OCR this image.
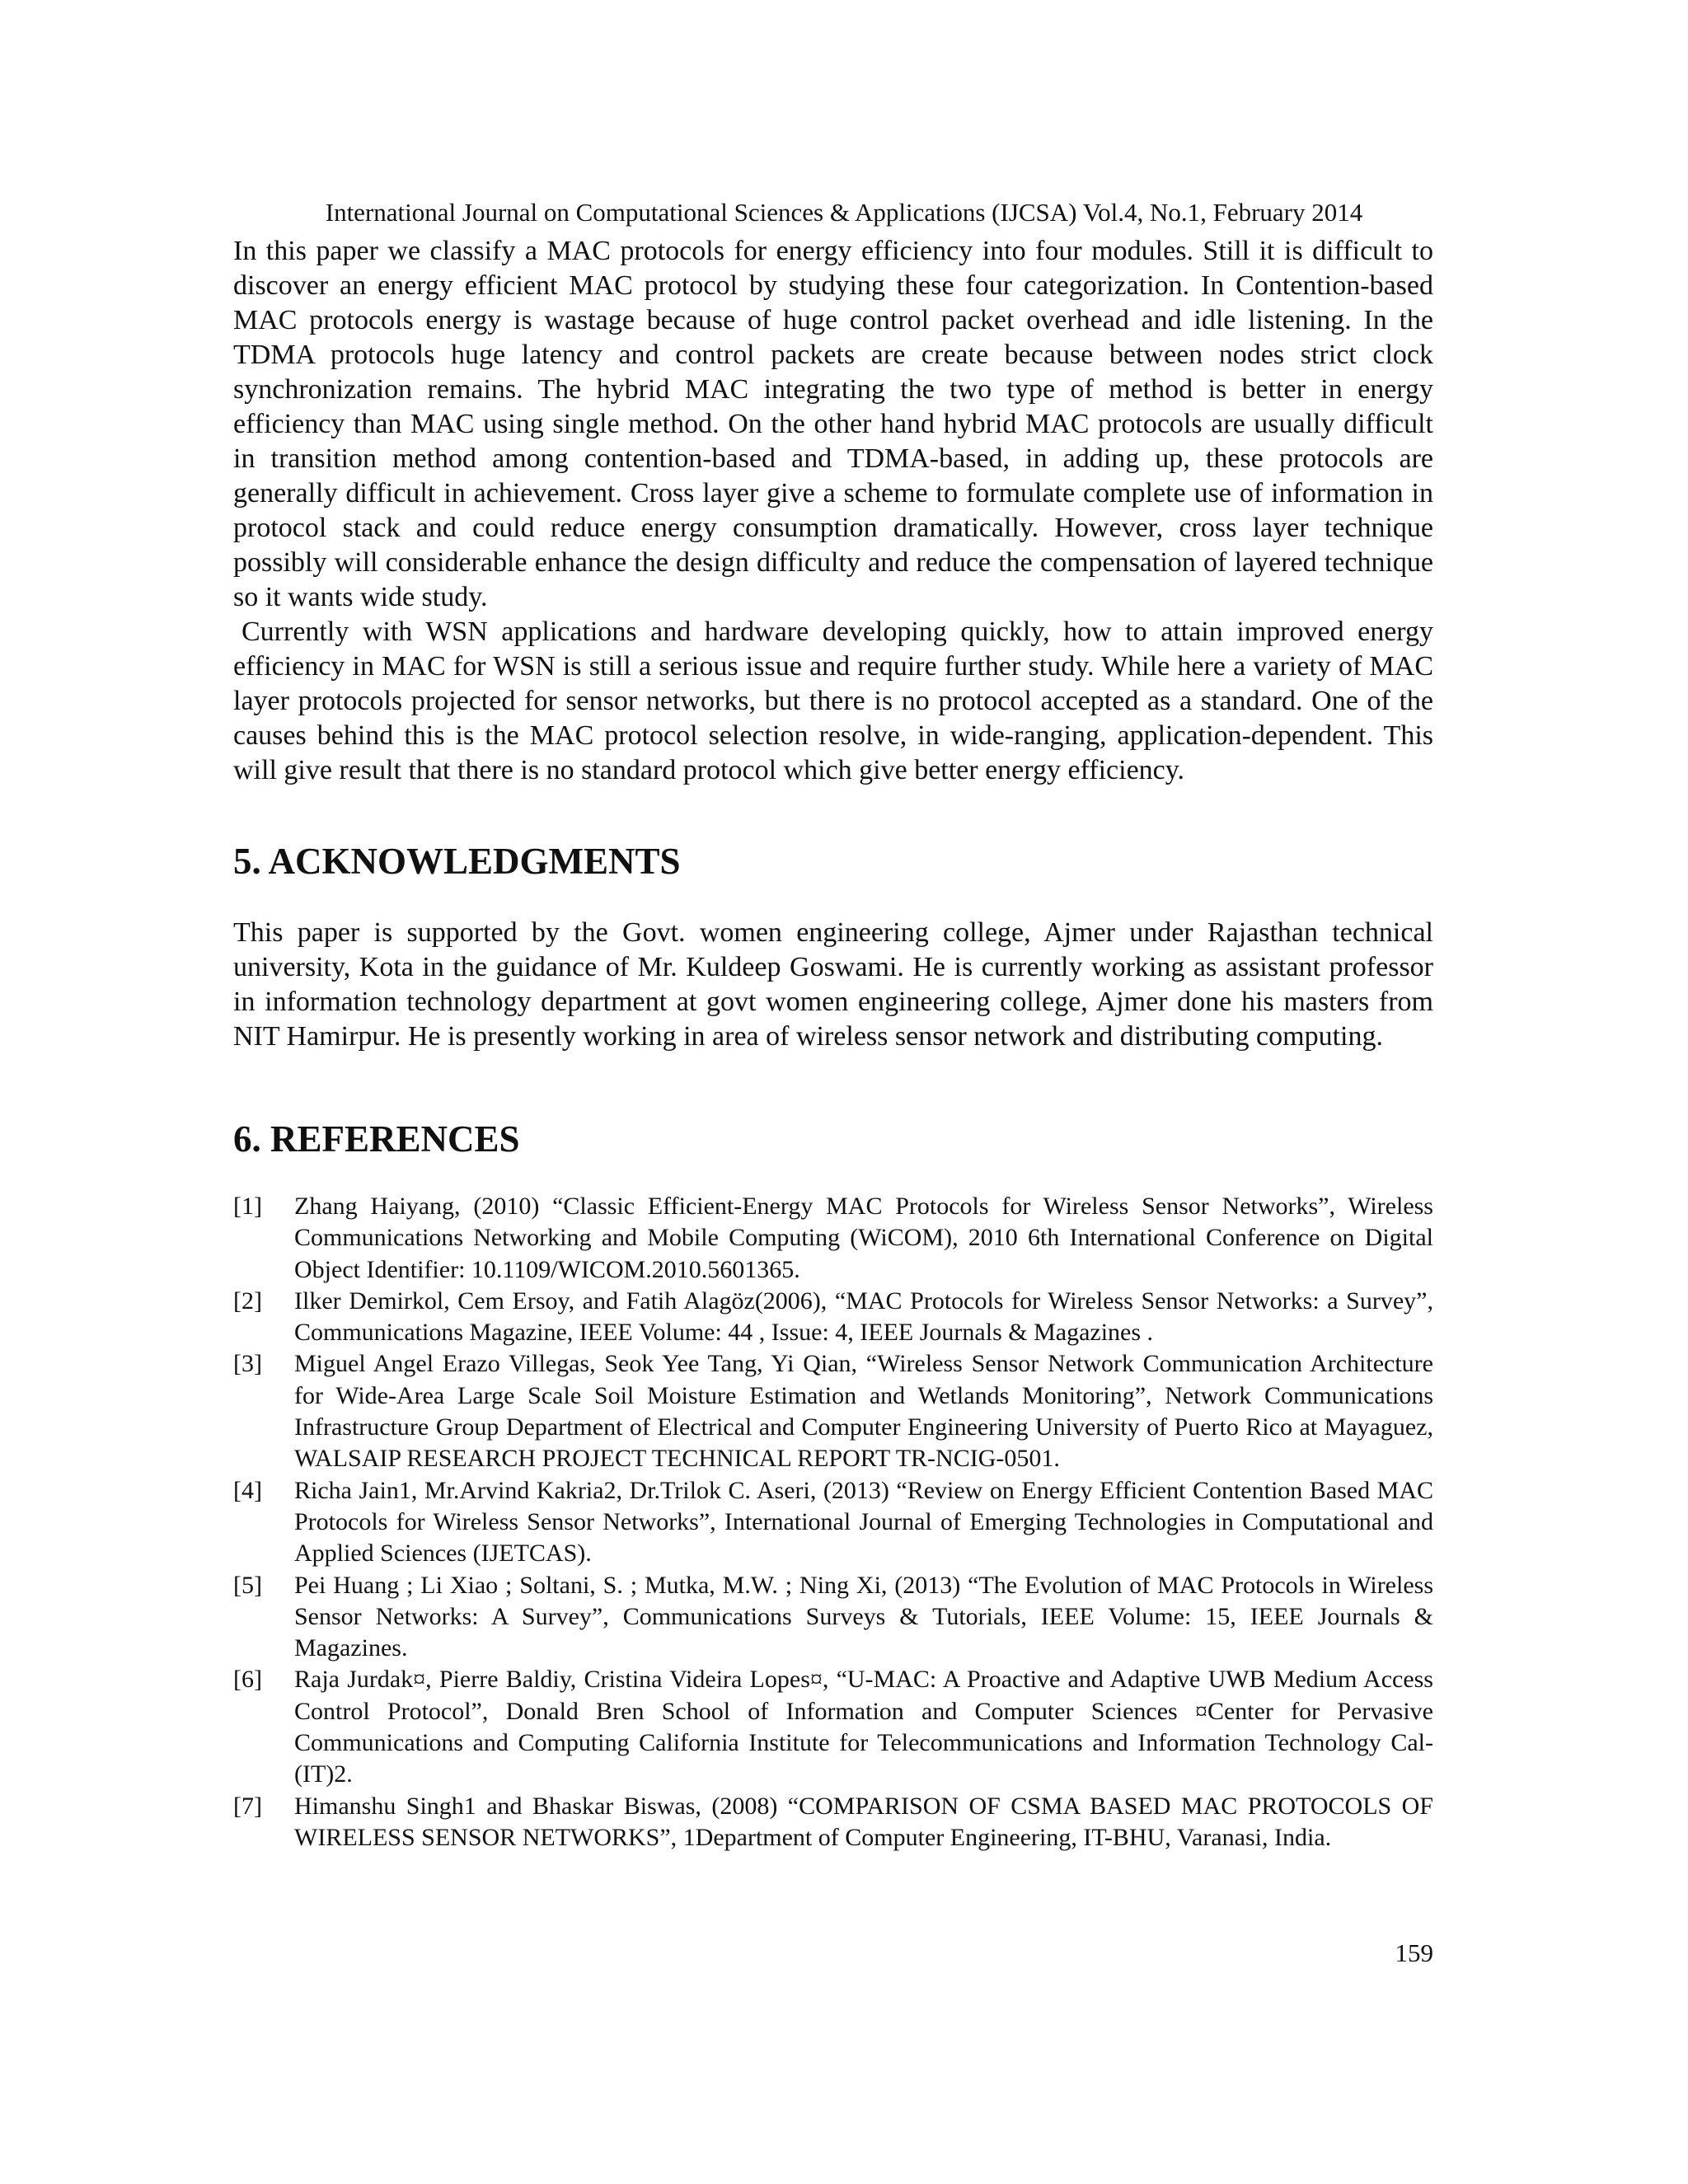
International Journal on Computational Sciences & Applications (IJCSA) Vol.4, No.1, February 2014

In this paper we classify a MAC protocols for energy efficiency into four modules. Still it is difficult to discover an energy efficient MAC protocol by studying these four categorization. In Contention-based MAC protocols energy is wastage because of huge control packet overhead and idle listening. In the TDMA protocols huge latency and control packets are create because between nodes strict clock synchronization remains. The hybrid MAC integrating the two type of method is better in energy efficiency than MAC using single method. On the other hand hybrid MAC protocols are usually difficult in transition method among contention-based and TDMA-based, in adding up, these protocols are generally difficult in achievement. Cross layer give a scheme to formulate complete use of information in protocol stack and could reduce energy consumption dramatically. However, cross layer technique possibly will considerable enhance the design difficulty and reduce the compensation of layered technique so it wants wide study.

Currently with WSN applications and hardware developing quickly, how to attain improved energy efficiency in MAC for WSN is still a serious issue and require further study. While here a variety of MAC layer protocols projected for sensor networks, but there is no protocol accepted as a standard. One of the causes behind this is the MAC protocol selection resolve, in wide-ranging, application-dependent. This will give result that there is no standard protocol which give better energy efficiency.

5. ACKNOWLEDGMENTS

This paper is supported by the Govt. women engineering college, Ajmer under Rajasthan technical university, Kota in the guidance of Mr. Kuldeep Goswami. He is currently working as assistant professor in information technology department at govt women engineering college, Ajmer done his masters from NIT Hamirpur. He is presently working in area of wireless sensor network and distributing computing.

6. REFERENCES
[1]	Zhang Haiyang, (2010) “Classic Efficient-Energy MAC Protocols for Wireless Sensor Networks”, Wireless Communications Networking and Mobile Computing (WiCOM), 2010 6th International Conference on Digital Object Identifier: 10.1109/WICOM.2010.5601365.
[2]	Ilker Demirkol, Cem Ersoy, and Fatih Alagöz(2006), “MAC Protocols for Wireless Sensor Networks: a Survey”, Communications Magazine, IEEE Volume: 44 , Issue: 4, IEEE Journals & Magazines .
[3]	Miguel Angel Erazo Villegas, Seok Yee Tang, Yi Qian, “Wireless Sensor Network Communication Architecture for Wide-Area Large Scale Soil Moisture Estimation and Wetlands Monitoring”, Network Communications Infrastructure Group Department of Electrical and Computer Engineering University of Puerto Rico at Mayaguez, WALSAIP RESEARCH PROJECT TECHNICAL REPORT TR-NCIG-0501.
[4]	Richa Jain1, Mr.Arvind Kakria2, Dr.Trilok C. Aseri, (2013) “Review on Energy Efficient Contention Based MAC Protocols for Wireless Sensor Networks”, International Journal of Emerging Technologies in Computational and Applied Sciences (IJETCAS).
[5]	Pei Huang ; Li Xiao ; Soltani, S. ; Mutka, M.W. ; Ning Xi, (2013) “The Evolution of MAC Protocols in Wireless Sensor Networks: A Survey”, Communications Surveys & Tutorials, IEEE Volume: 15, IEEE Journals & Magazines.
[6]	Raja Jurdak¤, Pierre Baldiy, Cristina Videira Lopes¤, “U-MAC: A Proactive and Adaptive UWB Medium Access Control Protocol”, Donald Bren School of Information and Computer Sciences ¤Center for Pervasive Communications and Computing California Institute for Telecommunications and Information Technology Cal-(IT)2.
[7]	Himanshu Singh1 and Bhaskar Biswas, (2008) “COMPARISON OF CSMA BASED MAC PROTOCOLS OF WIRELESS SENSOR NETWORKS”, 1Department of Computer Engineering, IT-BHU, Varanasi, India.
159
